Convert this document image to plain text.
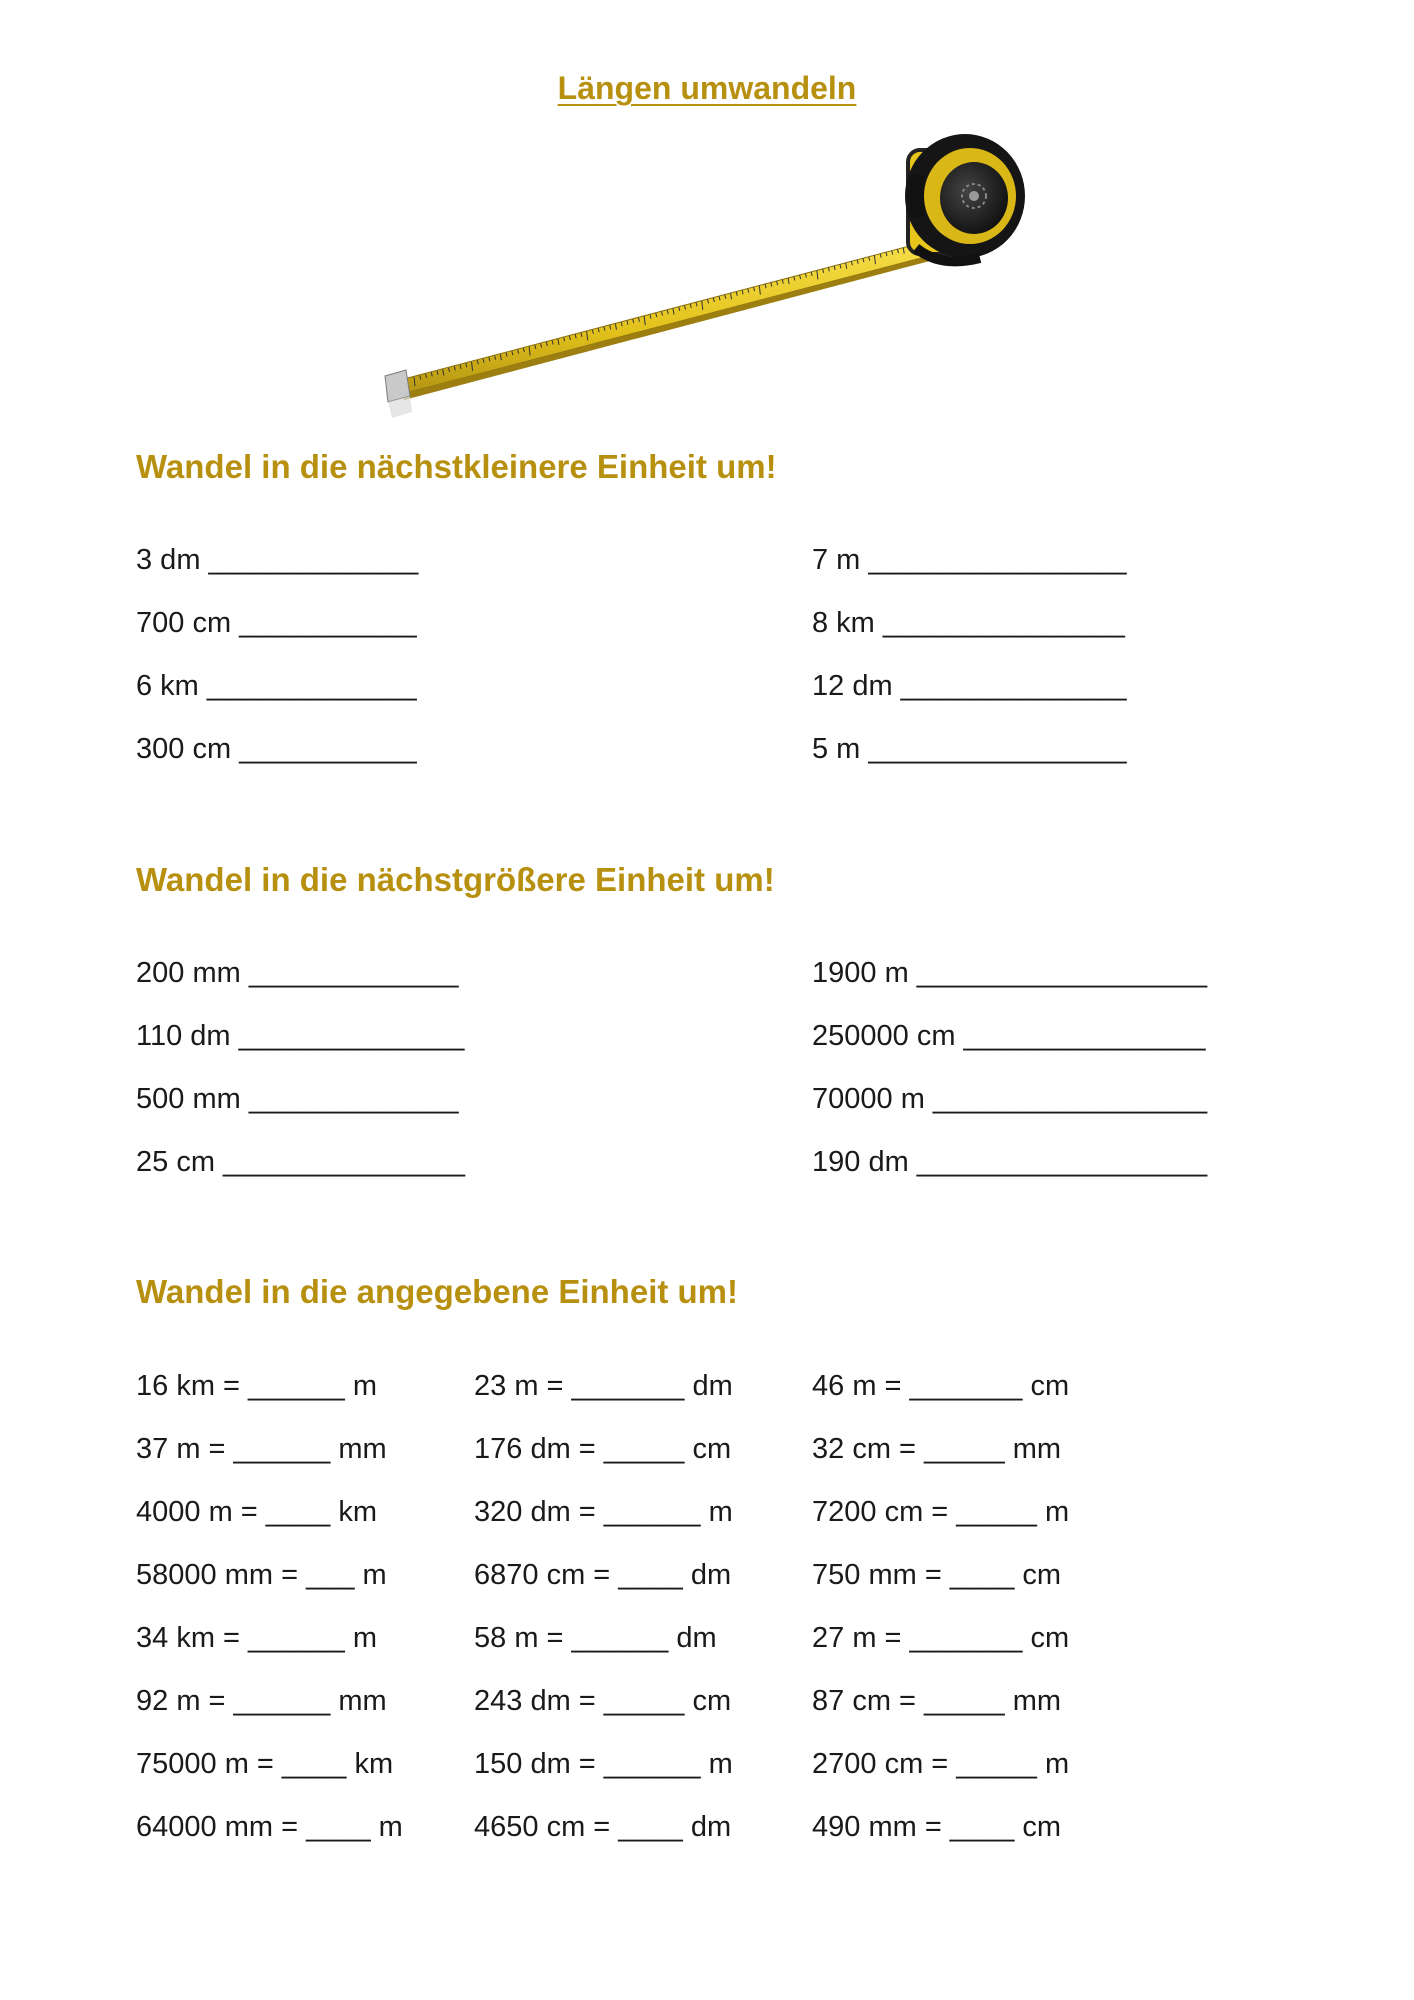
Längen umwandeln
Wandel in die nächstkleinere Einheit um!
3 dm _____________
700 cm ___________
6 km _____________
300 cm ___________
7 m ________________
8 km _______________
12 dm ______________
5 m ________________
Wandel in die nächstgrößere Einheit um!
200 mm _____________
110 dm ______________
500 mm _____________
25 cm _______________
1900 m __________________
250000 cm _______________
70000 m _________________
190 dm __________________
Wandel in die angegebene Einheit um!
16 km = ______ m
37 m = ______ mm
4000 m = ____ km
58000 mm = ___ m
34 km = ______ m
92 m = ______ mm
75000 m = ____ km
64000 mm = ____ m
23 m = _______ dm
176 dm = _____ cm
320 dm = ______ m
6870 cm = ____ dm
58 m = ______ dm
243 dm = _____ cm
150 dm = ______ m
4650 cm = ____ dm
46 m = _______ cm
32 cm = _____ mm
7200 cm = _____ m
750 mm = ____ cm
27 m = _______ cm
87 cm = _____ mm
2700 cm = _____ m
490 mm = ____ cm
